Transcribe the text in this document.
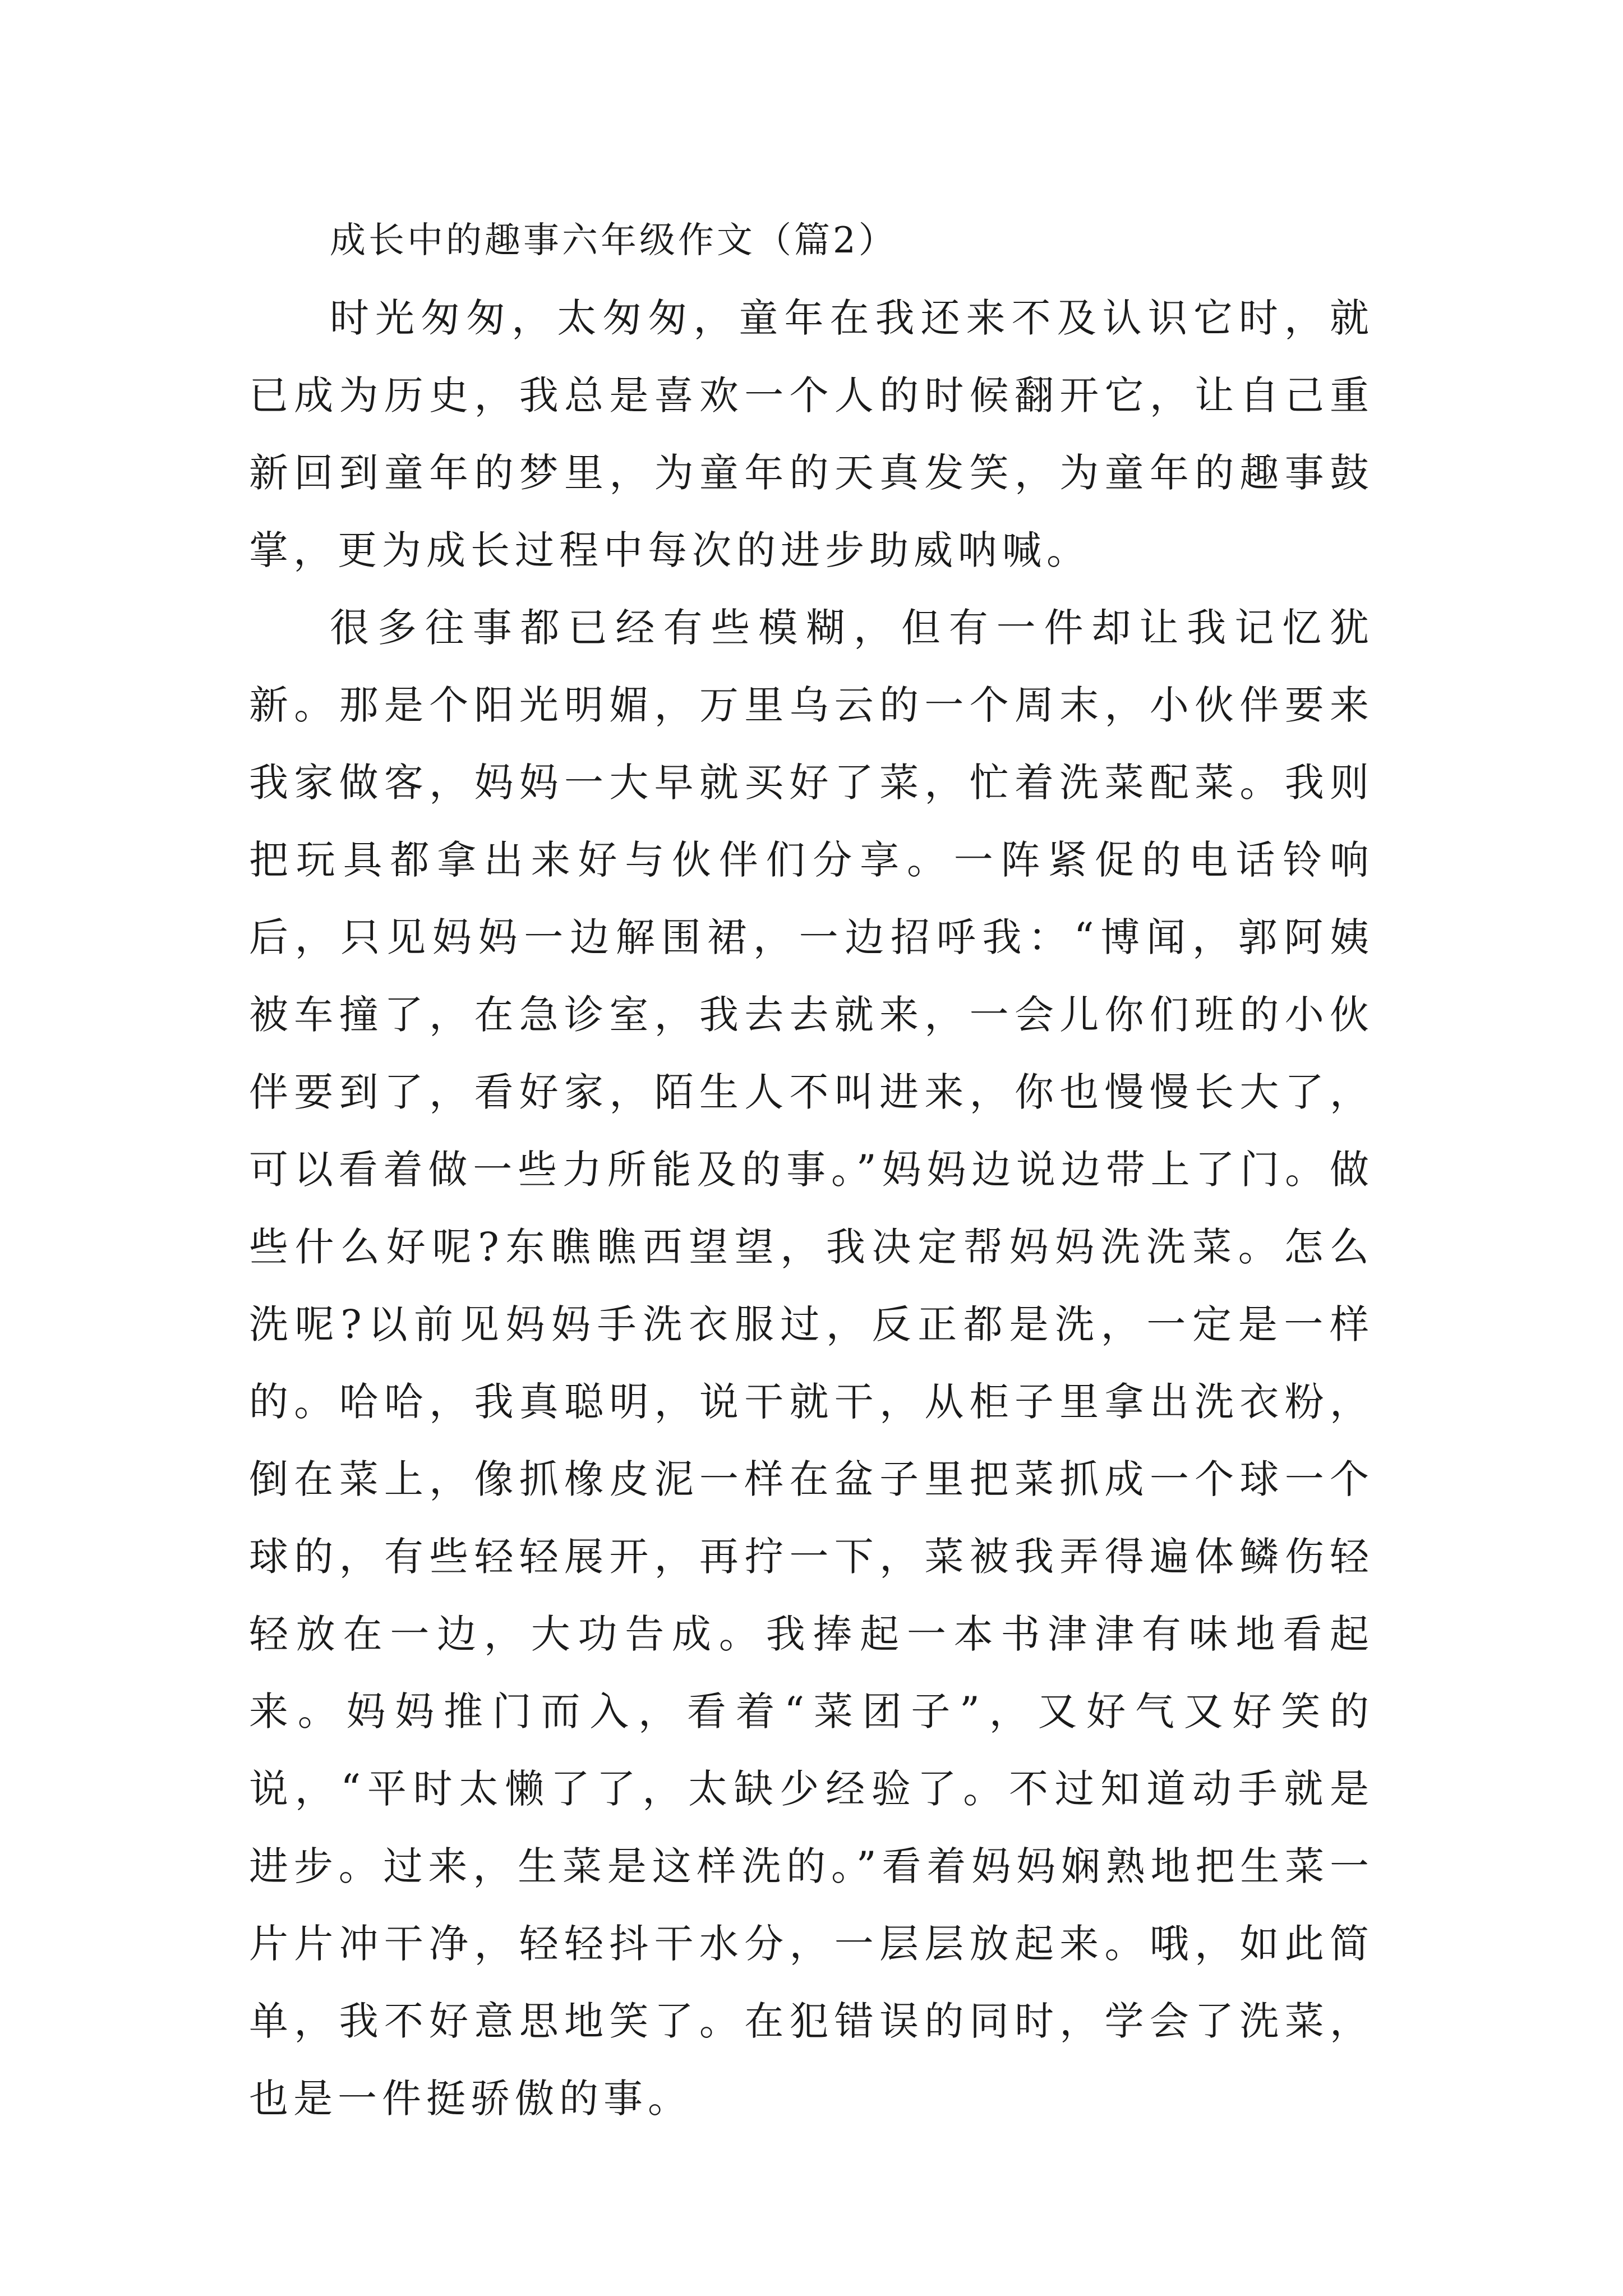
成长中的趣事六年级作文（篇2）

时光匆匆，太匆匆，童年在我还来不及认识它时，就已成为历史，我总是喜欢一个人的时候翻开它，让自己重新回到童年的梦里，为童年的天真发笑，为童年的趣事鼓掌，更为成长过程中每次的进步助威呐喊。

很多往事都已经有些模糊，但有一件却让我记忆犹新。那是个阳光明媚，万里乌云的一个周末，小伙伴要来我家做客，妈妈一大早就买好了菜，忙着洗菜配菜。我则把玩具都拿出来好与伙伴们分享。一阵紧促的电话铃响后，只见妈妈一边解围裙，一边招呼我：“博闻，郭阿姨被车撞了，在急诊室，我去去就来，一会儿你们班的小伙伴要到了，看好家，陌生人不叫进来，你也慢慢长大了，可以看着做一些力所能及的事。”妈妈边说边带上了门。做些什么好呢?东瞧瞧西望望，我决定帮妈妈洗洗菜。怎么洗呢?以前见妈妈手洗衣服过，反正都是洗，一定是一样的。哈哈，我真聪明，说干就干，从柜子里拿出洗衣粉，倒在菜上，像抓橡皮泥一样在盆子里把菜抓成一个球一个球的，有些轻轻展开，再拧一下，菜被我弄得遍体鳞伤轻轻放在一边，大功告成。我捧起一本书津津有味地看起来。妈妈推门而入，看着“菜团子”，又好气又好笑的说，“平时太懒了了，太缺少经验了。不过知道动手就是进步。过来，生菜是这样洗的。”看着妈妈娴熟地把生菜一片片冲干净，轻轻抖干水分，一层层放起来。哦，如此简单，我不好意思地笑了。在犯错误的同时，学会了洗菜，也是一件挺骄傲的事。
